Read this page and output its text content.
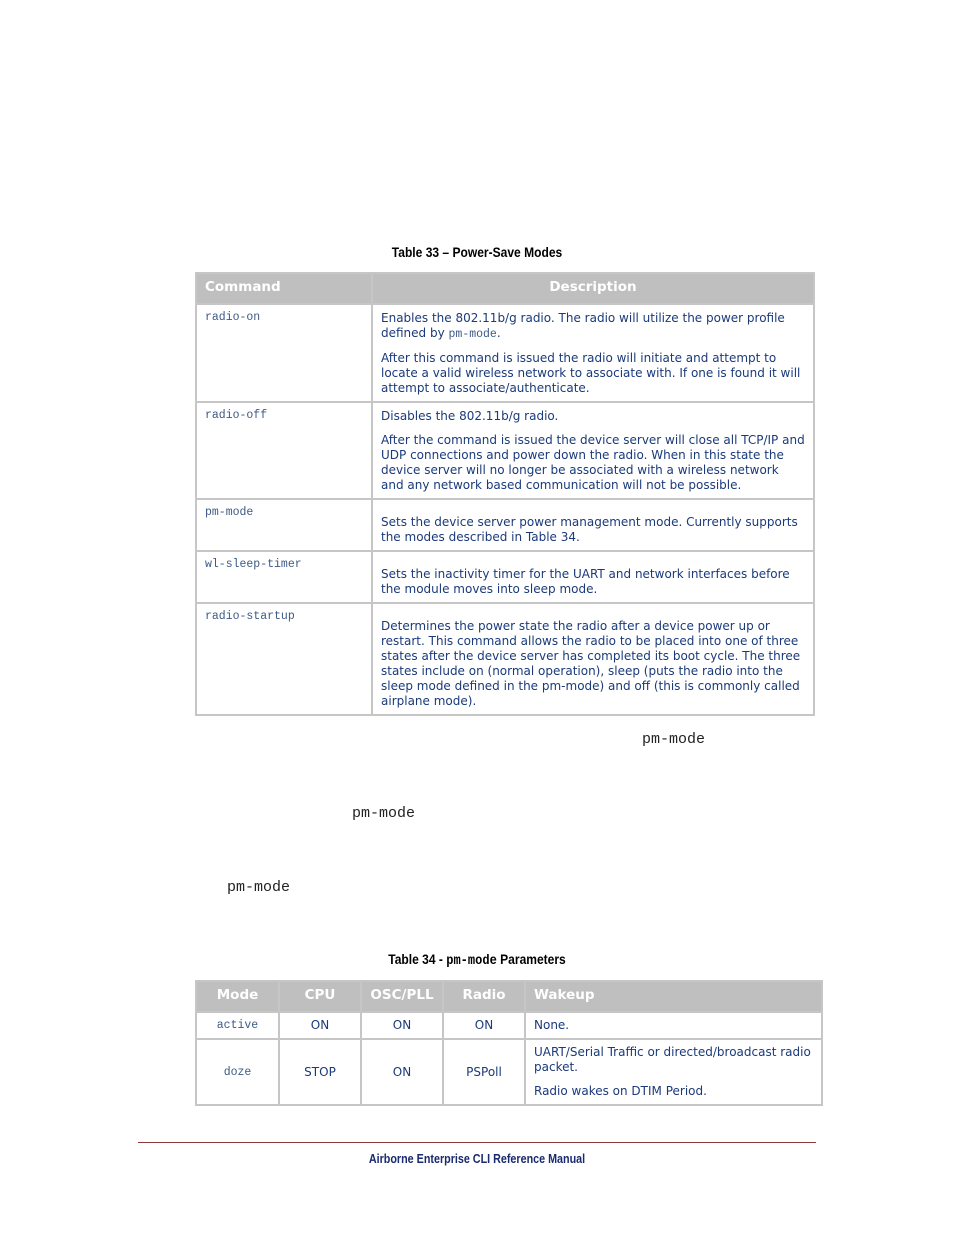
Table 33 – Power-Save Modes
Command	Description
radio-on	Enables the 802.11b/g radio. The radio will utilize the power profile defined by pm-mode.

After this command is issued the radio will initiate and attempt to locate a valid wireless network to associate with. If one is found it will attempt to associate/authenticate.

radio-off	Disables the 802.11b/g radio.

After the command is issued the device server will close all TCP/IP and UDP connections and power down the radio. When in this state the device server will no longer be associated with a wireless network and any network based communication will not be possible.

pm-mode	Sets the device server power management mode. Currently supports the modes described in Table 34.

wl-sleep-timer	Sets the inactivity timer for the UART and network interfaces before the module moves into sleep mode.

radio-startup	Determines the power state the radio after a device power up or restart. This command allows the radio to be placed into one of three states after the device server has completed its boot cycle. The three states include on (normal operation), sleep (puts the radio into the sleep mode defined in the pm-mode) and off (this is commonly called airplane mode).

pm-mode
pm-mode
pm-mode
Table 34 - pm-mode Parameters
Mode	CPU	OSC/PLL	Radio	Wakeup
active	ON	ON	ON	None.

doze	STOP	ON	PSPoll	UART/Serial Traffic or directed/broadcast radio packet.

Radio wakes on DTIM Period.

Airborne Enterprise CLI Reference Manual
